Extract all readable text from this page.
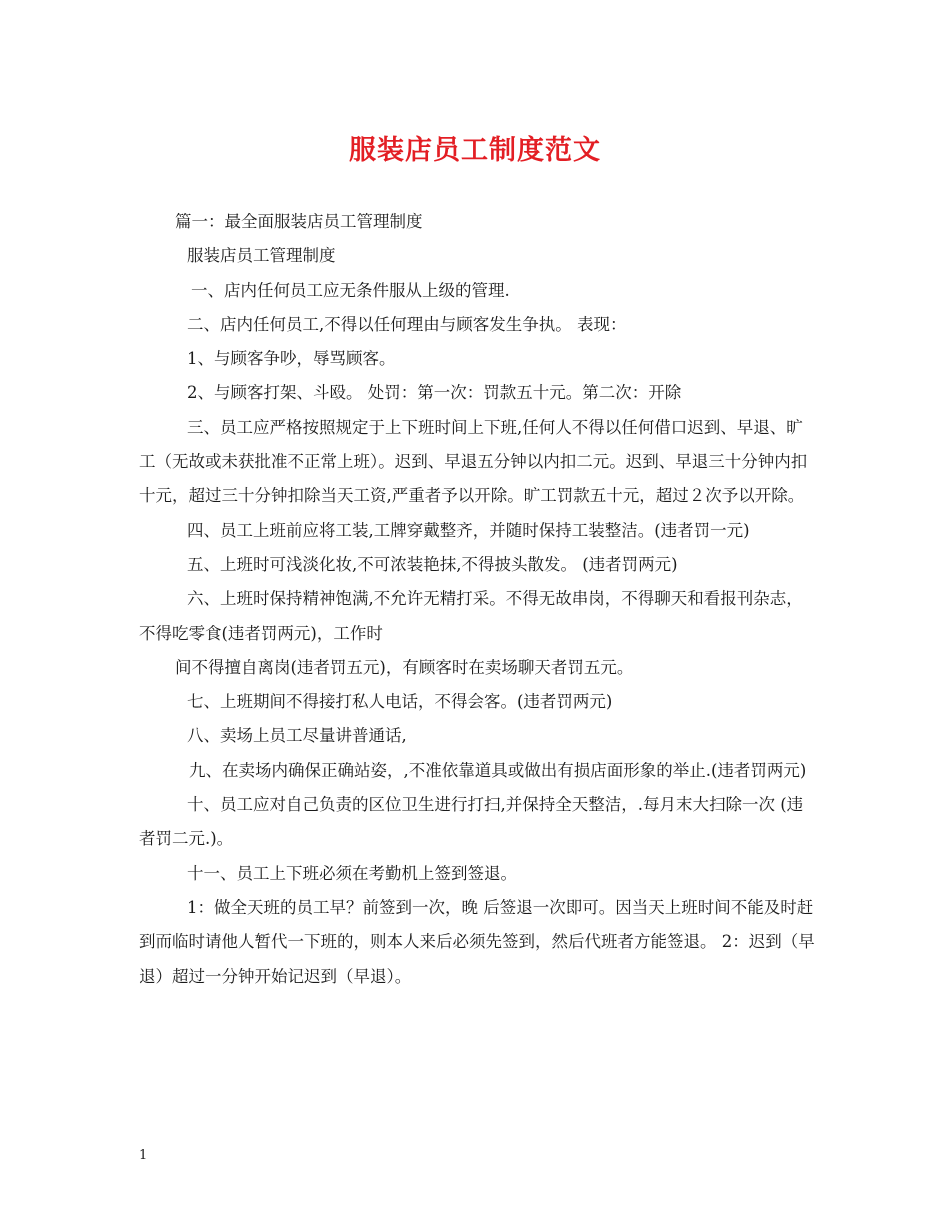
服装店员工制度范文

篇一：最全面服装店员工管理制度

服装店员工管理制度

一、店内任何员工应无条件服从上级的管理.

二、店内任何员工,不得以任何理由与顾客发生争执。 表现：

1、与顾客争吵，辱骂顾客。

2、与顾客打架、斗殴。 处罚：第一次：罚款五十元。第二次：开除

三、员工应严格按照规定于上下班时间上下班,任何人不得以任何借口迟到、早退、旷工（无故或未获批准不正常上班）。迟到、早退五分钟以内扣二元。迟到、早退三十分钟内扣十元，超过三十分钟扣除当天工资,严重者予以开除。旷工罚款五十元，超过２次予以开除。

四、员工上班前应将工装,工牌穿戴整齐，并随时保持工装整洁。(违者罚一元)

五、上班时可浅淡化妆,不可浓装艳抹,不得披头散发。 (违者罚两元)

六、上班时保持精神饱满,不允许无精打采。不得无故串岗，不得聊天和看报刊杂志，不得吃零食(违者罚两元)，工作时

间不得擅自离岗(违者罚五元)，有顾客时在卖场聊天者罚五元。

七、上班期间不得接打私人电话，不得会客。(违者罚两元)

八、卖场上员工尽量讲普通话,

九、在卖场内确保正确站姿，,不准依靠道具或做出有损店面形象的举止.(违者罚两元)

十、员工应对自己负责的区位卫生进行打扫,并保持全天整洁，.每月末大扫除一次 (违者罚二元.)。

十一、员工上下班必须在考勤机上签到签退。

1：做全天班的员工早？前签到一次，晚 后签退一次即可。因当天上班时间不能及时赶到而临时请他人暂代一下班的，则本人来后必须先签到，然后代班者方能签退。 2：迟到（早退）超过一分钟开始记迟到（早退）。

1
